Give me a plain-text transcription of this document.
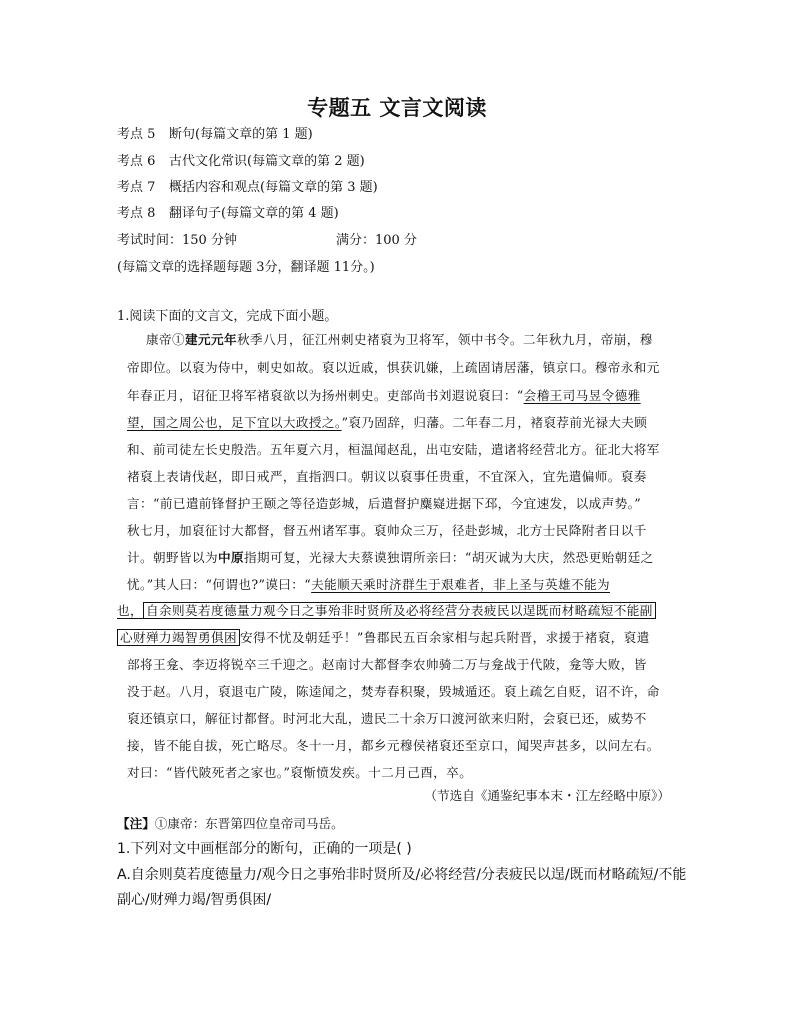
专题五 文言文阅读
考点 5 断句(每篇文章的第 1 题)
考点 6 古代文化常识(每篇文章的第 2 题)
考点 7 概括内容和观点(每篇文章的第 3 题)
考点 8 翻译句子(每篇文章的第 4 题)
考试时间：150 分钟	满分：100 分
(每篇文章的选择题每题 3分，翻译题 11分。)
1.阅读下面的文言文，完成下面小题。
康帝①建元元年秋季八月，征江州刺史褚裒为卫将军，领中书令。二年秋九月，帝崩，穆
帝即位。以裒为侍中，刺史如故。裒以近戚，惧获讥嫌，上疏固请居藩，镇京口。穆帝永和元
年春正月，诏征卫将军褚裒欲以为扬州刺史。吏部尚书刘遐说裒曰：“会稽王司马昱令德雅
望，国之周公也，足下宜以大政授之。”裒乃固辞，归藩。二年春二月，褚裒荐前光禄大夫顾
和、前司徒左长史殷浩。五年夏六月，桓温闻赵乱，出屯安陆，遣诸将经营北方。征北大将军
褚裒上表请伐赵，即日戒严，直指泗口。朝议以裒事任贵重，不宜深入，宜先遣偏师。裒奏
言：“前已遣前锋督护王颐之等径造彭城，后遣督护麋嶷进据下邳，今宜速发，以成声势。”
秋七月，加裒征讨大都督，督五州诸军事。裒帅众三万，径赴彭城，北方士民降附者日以千
计。朝野皆以为中原指期可复，光禄大夫蔡谟独谓所亲曰：“胡灭诚为大庆，然恐更贻朝廷之
忧。”其人曰：“何谓也?”谟曰：“夫能顺天乘时济群生于艰难者，非上圣与英雄不能为
也， 自余则莫若度德量力观今日之事殆非时贤所及必将经营分表疲民以逞既而材略疏短不能副
心财殚力竭智勇俱困 安得不忧及朝廷乎！”鲁郡民五百余家相与起兵附晋，求援于褚裒，裒遣
部将王龛、李迈将锐卒三千迎之。赵南讨大都督李农帅骑二万与龛战于代陂，龛等大败，皆
没于赵。八月，裒退屯广陵，陈逵闻之，焚寿春积聚，毁城遁还。裒上疏乞自贬，诏不许，命
裒还镇京口，解征讨都督。时河北大乱，遗民二十余万口渡河欲来归附，会裒已还，威势不
接，皆不能自拔，死亡略尽。冬十一月，都乡元穆侯褚裒还至京口，闻哭声甚多，以问左右。
对曰：“皆代陂死者之家也。”裒惭愤发疾。十二月己酉，卒。
（节选自《通鉴纪事本末・江左经略中原》）
【注】①康帝：东晋第四位皇帝司马岳。
1.下列对文中画框部分的断句，正确的一项是( )
A.自余则莫若度德量力/观今日之事殆非时贤所及/必将经营/分表疲民以逞/既而材略疏短/不能
副心/财殚力竭/智勇俱困/
